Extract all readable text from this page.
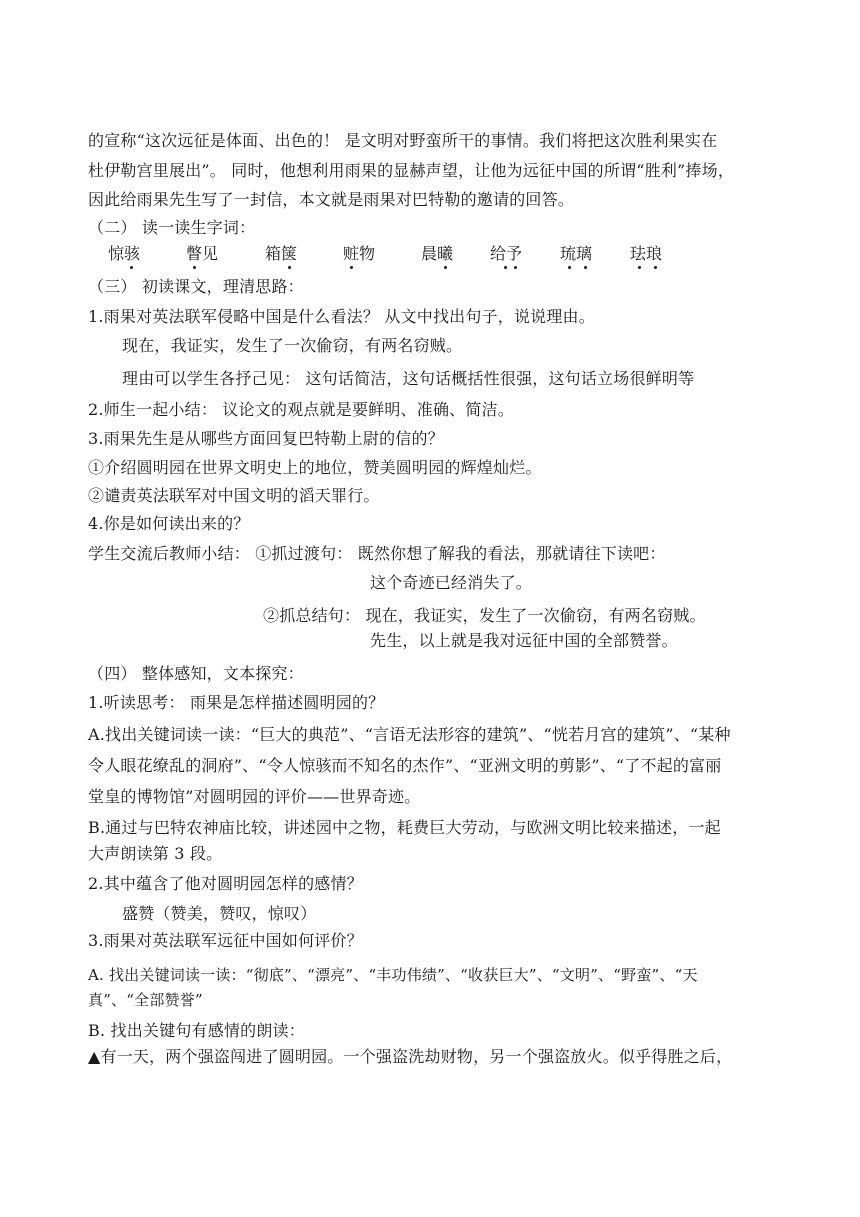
的宣称“这次远征是体面、出色的！ 是文明对野蛮所干的事情。我们将把这次胜利果实在
杜伊勒宫里展出”。 同时，他想利用雨果的显赫声望，让他为远征中国的所谓“胜利”捧场，
因此给雨果先生写了一封信，本文就是雨果对巴特勒的邀请的回答。
（二） 读一读生字词：
惊骇	瞥见	箱箧	赃物	晨曦 给予 琉璃 珐琅
（三） 初读课文，理清思路：
1.雨果对英法联军侵略中国是什么看法？ 从文中找出句子，说说理由。
现在，我证实，发生了一次偷窃，有两名窃贼。
理由可以学生各抒己见： 这句话简洁，这句话概括性很强，这句话立场很鲜明等
2.师生一起小结： 议论文的观点就是要鲜明、准确、简洁。
3.雨果先生是从哪些方面回复巴特勒上尉的信的？
①介绍圆明园在世界文明史上的地位，赞美圆明园的辉煌灿烂。
②谴责英法联军对中国文明的滔天罪行。
4.你是如何读出来的？
学生交流后教师小结： ①抓过渡句： 既然你想了解我的看法，那就请往下读吧：
这个奇迹已经消失了。
②抓总结句： 现在，我证实，发生了一次偷窃，有两名窃贼。
先生，以上就是我对远征中国的全部赞誉。
（四） 整体感知，文本探究：
1.听读思考： 雨果是怎样描述圆明园的？
A.找出关键词读一读：“巨大的典范”、“言语无法形容的建筑”、“恍若月宫的建筑”、“某种
令人眼花缭乱的洞府”、“令人惊骇而不知名的杰作”、“亚洲文明的剪影”、“了不起的富丽
堂皇的博物馆”对圆明园的评价——世界奇迹。
B.通过与巴特农神庙比较，讲述园中之物，耗费巨大劳动，与欧洲文明比较来描述，一起
大声朗读第 3 段。
2.其中蕴含了他对圆明园怎样的感情？
盛赞（赞美，赞叹，惊叹）
3.雨果对英法联军远征中国如何评价？
A. 找出关键词读一读：“彻底”、“漂亮”、“丰功伟绩”、“收获巨大”、“文明”、“野蛮”、“天
真”、“全部赞誉”
B. 找出关键句有感情的朗读：
▲有一天，两个强盗闯进了圆明园。一个强盗洗劫财物，另一个强盗放火。似乎得胜之后，
